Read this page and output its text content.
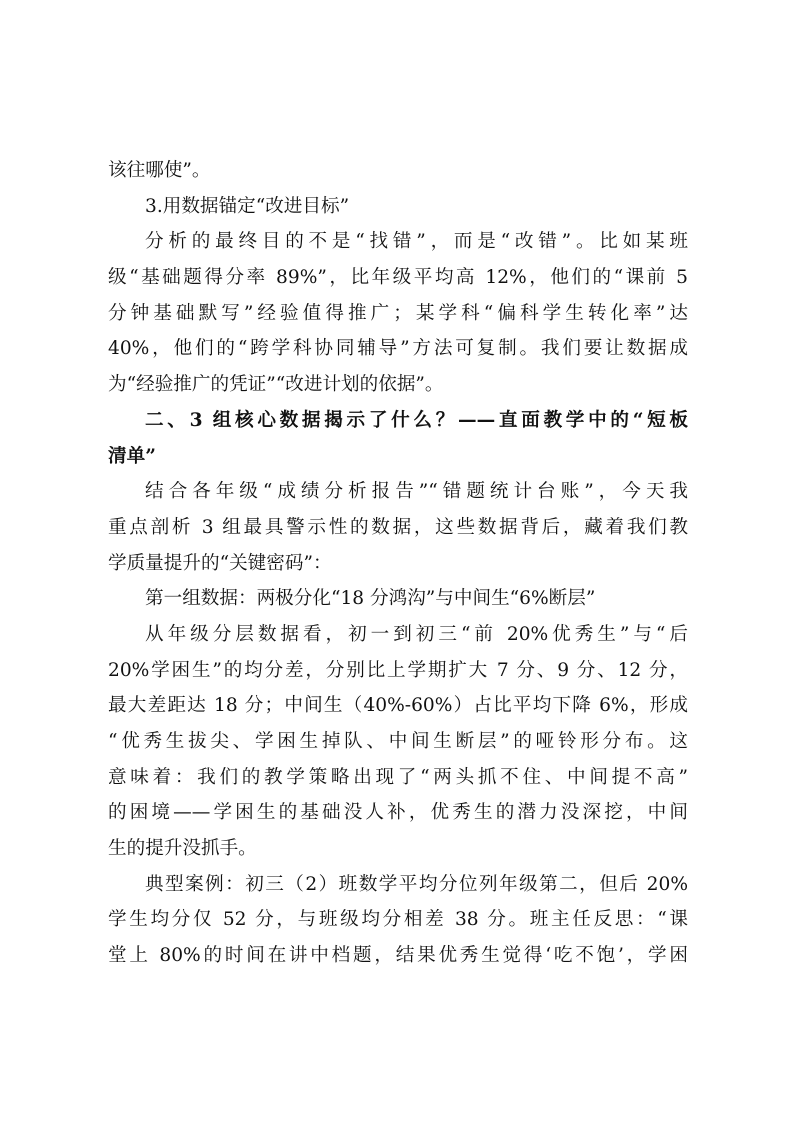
该往哪使”。
3.用数据锚定“改进目标”
分析的最终目的不是“找错”，而是“改错”。比如某班
级“基础题得分率 89%”，比年级平均高 12%，他们的“课前 5
分钟基础默写”经验值得推广；某学科“偏科学生转化率”达
40%，他们的“跨学科协同辅导”方法可复制。我们要让数据成
为“经验推广的凭证”“改进计划的依据”。
二、3 组核心数据揭示了什么？——直面教学中的“短板
清单”
结合各年级“成绩分析报告”“错题统计台账”，今天我
重点剖析 3 组最具警示性的数据，这些数据背后，藏着我们教
学质量提升的“关键密码”：
第一组数据：两极分化“18 分鸿沟”与中间生“6%断层”
从年级分层数据看，初一到初三“前 20%优秀生”与“后
20%学困生”的均分差，分别比上学期扩大 7 分、9 分、12 分，
最大差距达 18 分；中间生（40%-60%）占比平均下降 6%，形成
“优秀生拔尖、学困生掉队、中间生断层”的哑铃形分布。这
意味着：我们的教学策略出现了“两头抓不住、中间提不高”
的困境——学困生的基础没人补，优秀生的潜力没深挖，中间
生的提升没抓手。
典型案例：初三（2）班数学平均分位列年级第二，但后 20%
学生均分仅 52 分，与班级均分相差 38 分。班主任反思：“课
堂上 80%的时间在讲中档题，结果优秀生觉得‘吃不饱’，学困
